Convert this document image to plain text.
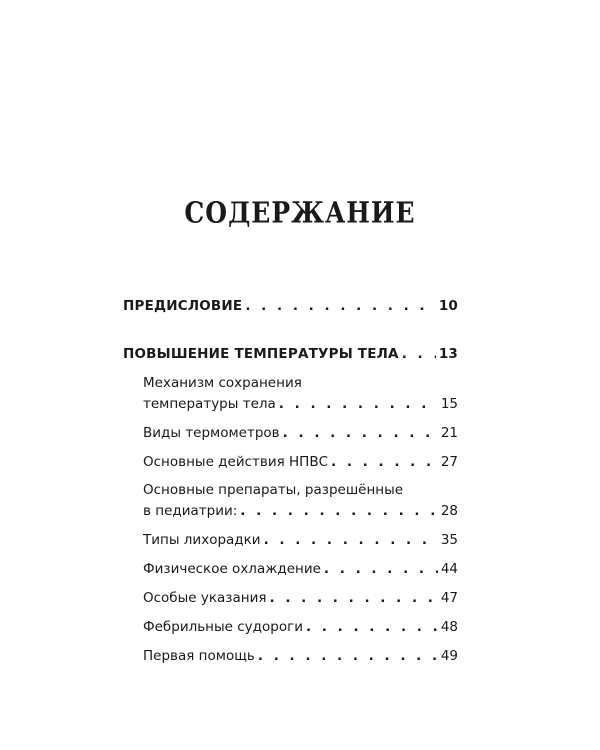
СОДЕРЖАНИЕ
ПРЕДИСЛОВИЕ . . .	10
ПОВЫШЕНИЕ ТЕМПЕРАТУРЫ ТЕЛА . . .	13
Механизм сохранения
температуры тела . . .	15
Виды термометров . . .	21
Основные действия НПВС . . .	27
Основные препараты, разрешённые
в педиатрии: . . .	28
Типы лихорадки . . .	35
Физическое охлаждение . . .	44
Особые указания . . .	47
Фебрильные судороги . . .	48
Первая помощь . . .	49
